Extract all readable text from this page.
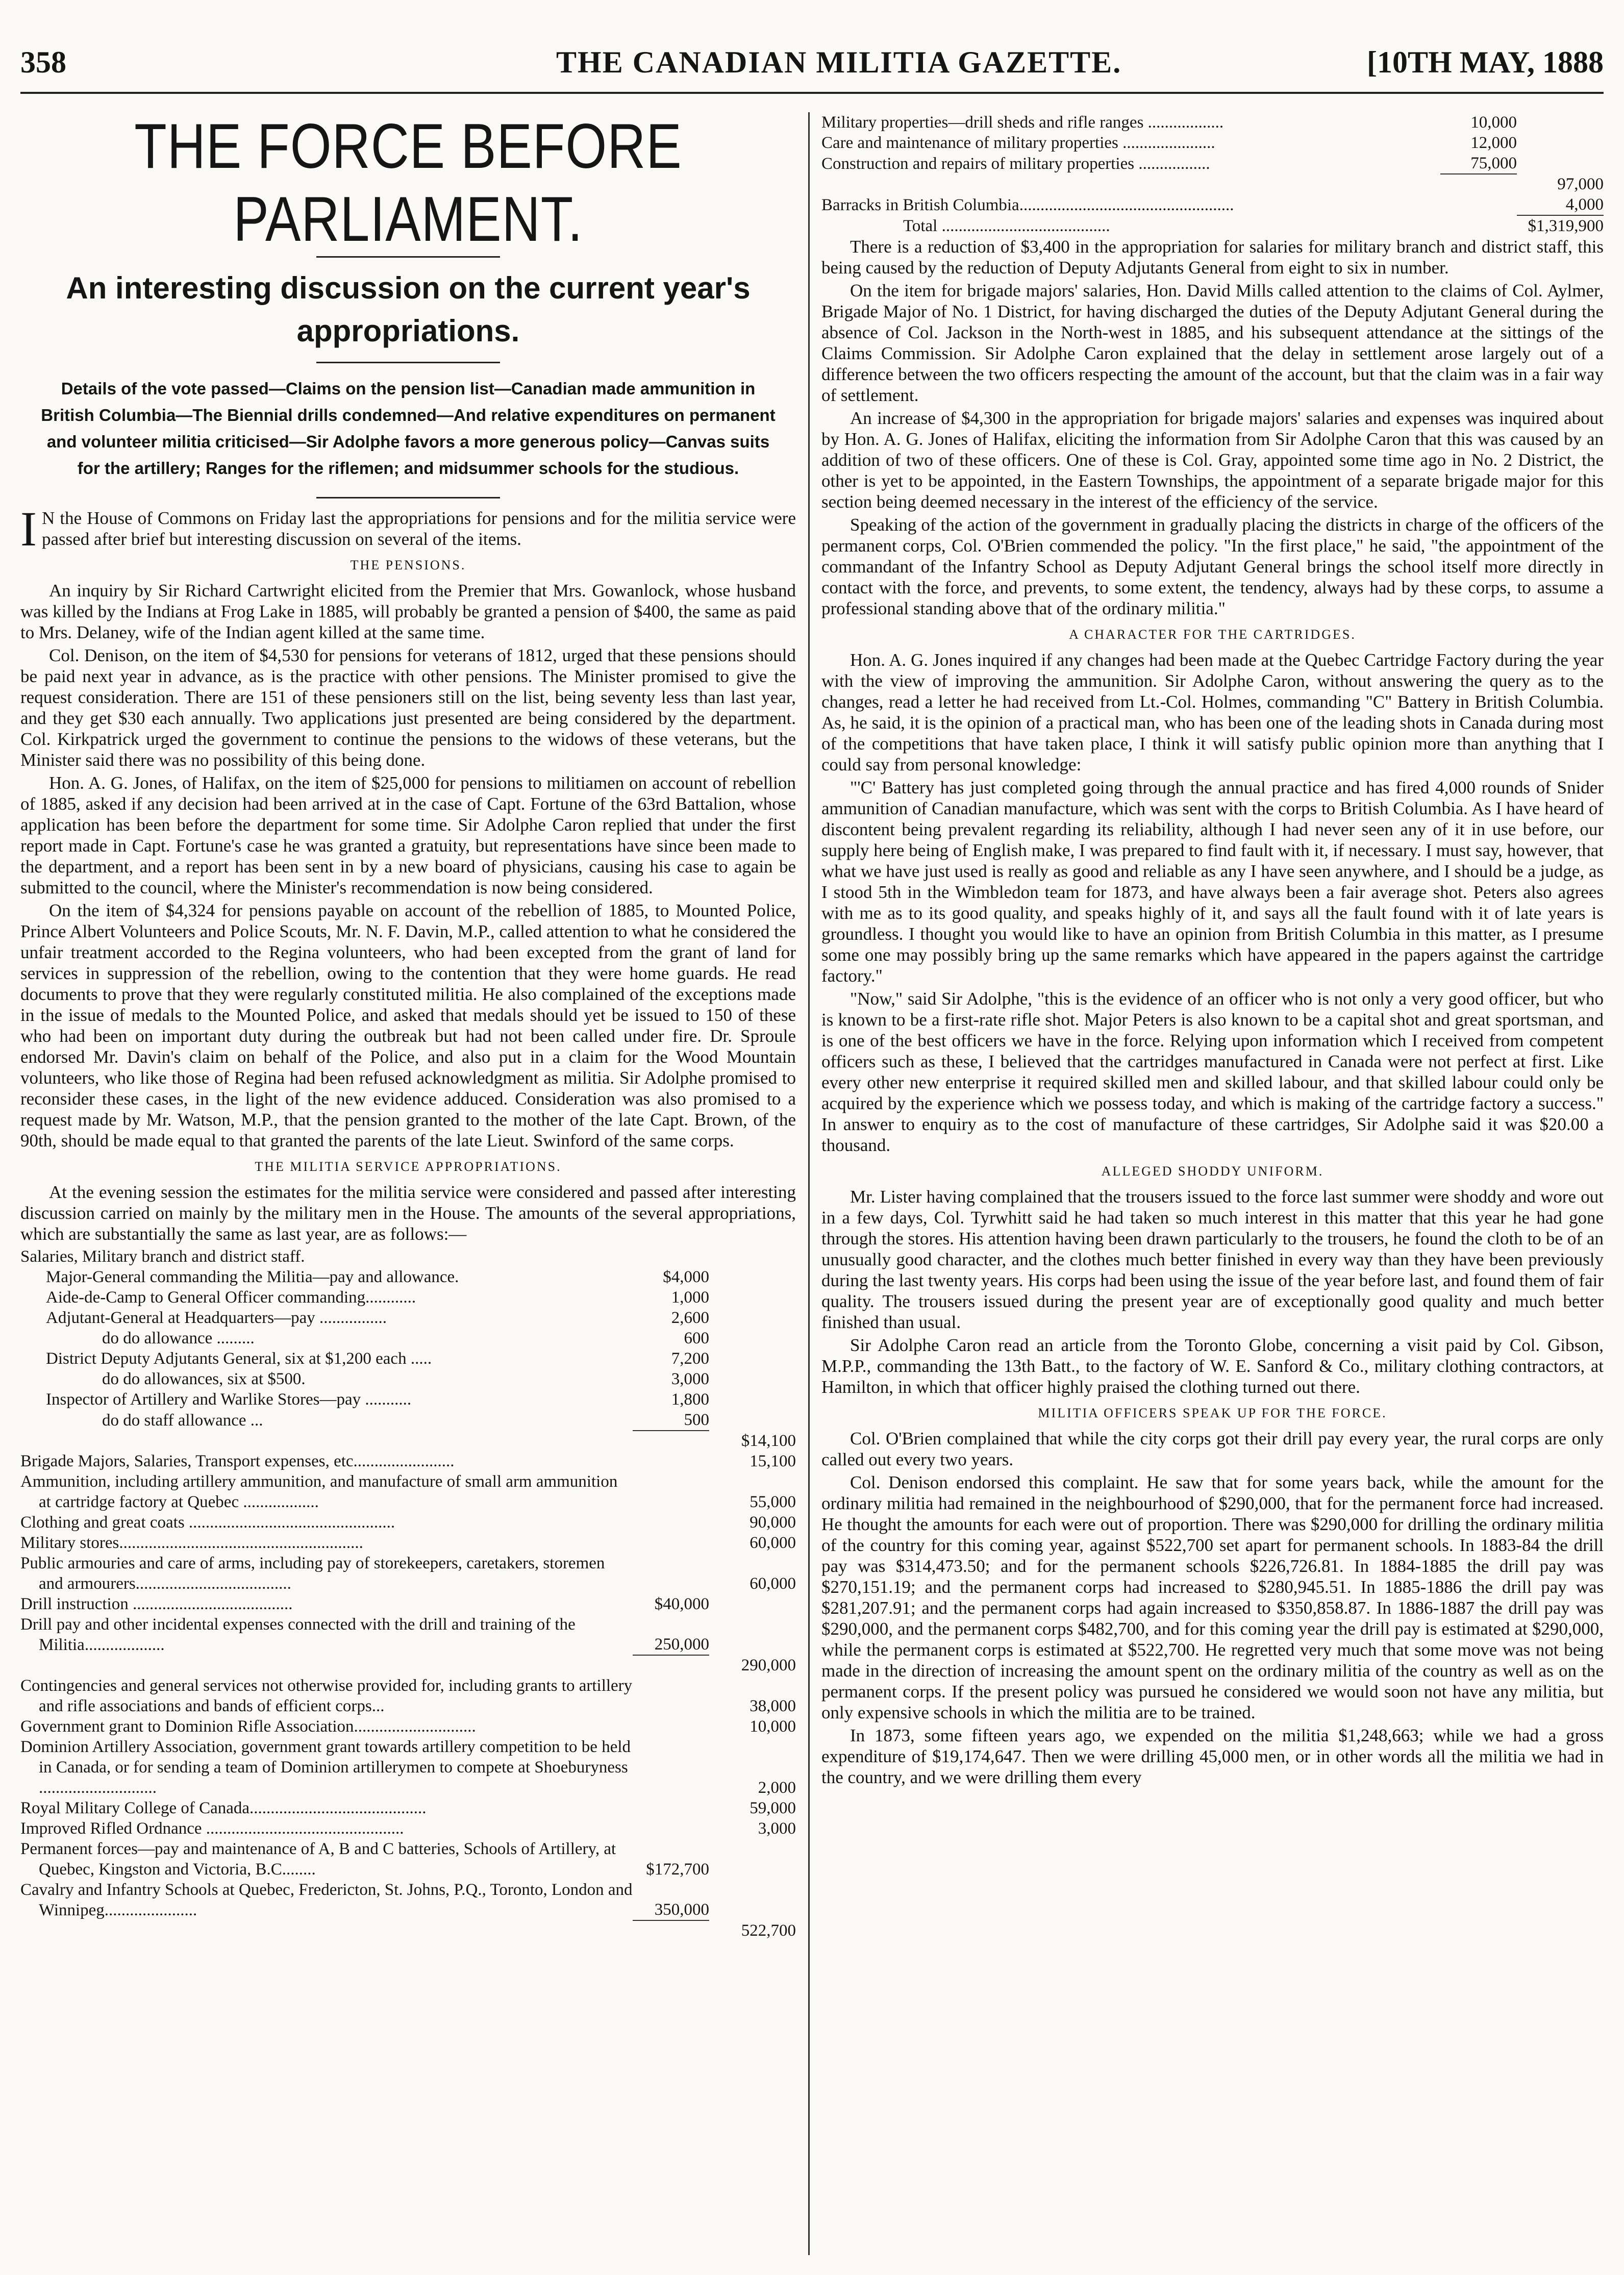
358	THE CANADIAN MILITIA GAZETTE.	[10TH MAY, 1888
THE FORCE BEFORE PARLIAMENT.
An interesting discussion on the current year's appropriations.
Details of the vote passed—Claims on the pension list—Canadian made ammunition in British Columbia—The Biennial drills condemned—And relative expenditures on permanent and volunteer militia criticised—Sir Adolphe favors a more generous policy—Canvas suits for the artillery; Ranges for the riflemen; and midsummer schools for the studious.

I N the House of Commons on Friday last the appropriations for pensions and for the militia service were passed after brief but interesting discussion on several of the items.

THE PENSIONS.

An inquiry by Sir Richard Cartwright elicited from the Premier that Mrs. Gowanlock, whose husband was killed by the Indians at Frog Lake in 1885, will probably be granted a pension of $400, the same as paid to Mrs. Delaney, wife of the Indian agent killed at the same time.

Col. Denison, on the item of $4,530 for pensions for veterans of 1812, urged that these pensions should be paid next year in advance, as is the practice with other pensions. The Minister promised to give the request consideration. There are 151 of these pensioners still on the list, being seventy less than last year, and they get $30 each annually. Two applications just presented are being considered by the department. Col. Kirkpatrick urged the government to continue the pensions to the widows of these veterans, but the Minister said there was no possibility of this being done.

Hon. A. G. Jones, of Halifax, on the item of $25,000 for pensions to militiamen on account of rebellion of 1885, asked if any decision had been arrived at in the case of Capt. Fortune of the 63rd Battalion, whose application has been before the department for some time. Sir Adolphe Caron replied that under the first report made in Capt. Fortune's case he was granted a gratuity, but representations have since been made to the department, and a report has been sent in by a new board of physicians, causing his case to again be submitted to the council, where the Minister's recommendation is now being considered.

On the item of $4,324 for pensions payable on account of the rebellion of 1885, to Mounted Police, Prince Albert Volunteers and Police Scouts, Mr. N. F. Davin, M.P., called attention to what he considered the unfair treatment accorded to the Regina volunteers, who had been excepted from the grant of land for services in suppression of the rebellion, owing to the contention that they were home guards. He read documents to prove that they were regularly constituted militia. He also complained of the exceptions made in the issue of medals to the Mounted Police, and asked that medals should yet be issued to 150 of these who had been on important duty during the outbreak but had not been called under fire. Dr. Sproule endorsed Mr. Davin's claim on behalf of the Police, and also put in a claim for the Wood Mountain volunteers, who like those of Regina had been refused acknowledgment as militia. Sir Adolphe promised to reconsider these cases, in the light of the new evidence adduced. Consideration was also promised to a request made by Mr. Watson, M.P., that the pension granted to the mother of the late Capt. Brown, of the 90th, should be made equal to that granted the parents of the late Lieut. Swinford of the same corps.

THE MILITIA SERVICE APPROPRIATIONS.

At the evening session the estimates for the militia service were considered and passed after interesting discussion carried on mainly by the military men in the House. The amounts of the several appropriations, which are substantially the same as last year, are as follows:—

Salaries, Military branch and district staff.		
Major-General commanding the Militia—pay and allowance.	$4,000	
Aide-de-Camp to General Officer commanding............	1,000	
Adjutant-General at Headquarters—pay ................	2,600	
do do allowance .........	600	
District Deputy Adjutants General, six at $1,200 each .....	7,200	
do do allowances, six at $500.	3,000	
Inspector of Artillery and Warlike Stores—pay ...........	1,800	
do do staff allowance ...	500	
		$14,100
Brigade Majors, Salaries, Transport expenses, etc........................		15,100
Ammunition, including artillery ammunition, and manufacture of small arm ammunition at cartridge factory at Quebec ..................		55,000
Clothing and great coats .................................................		90,000
Military stores..........................................................		60,000
Public armouries and care of arms, including pay of storekeepers, caretakers, storemen and armourers.....................................		60,000
Drill instruction ......................................	$40,000	
Drill pay and other incidental expenses connected with the drill and training of the Militia...................	250,000	
		290,000
Contingencies and general services not otherwise provided for, including grants to artillery and rifle associations and bands of efficient corps...		38,000
Government grant to Dominion Rifle Association.............................		10,000
Dominion Artillery Association, government grant towards artillery competition to be held in Canada, or for sending a team of Dominion artillerymen to compete at Shoeburyness ............................		2,000
Royal Military College of Canada..........................................		59,000
Improved Rifled Ordnance ...............................................		3,000
Permanent forces—pay and maintenance of A, B and C batteries, Schools of Artillery, at Quebec, Kingston and Victoria, B.C........	$172,700	
Cavalry and Infantry Schools at Quebec, Fredericton, St. Johns, P.Q., Toronto, London and Winnipeg......................	350,000	
		522,700
Military properties—drill sheds and rifle ranges ..................	10,000	
Care and maintenance of military properties ......................	12,000	
Construction and repairs of military properties .................	75,000	
		97,000
Barracks in British Columbia...................................................		4,000

Total ........................................		$1,319,900

There is a reduction of $3,400 in the appropriation for salaries for military branch and district staff, this being caused by the reduction of Deputy Adjutants General from eight to six in number.

On the item for brigade majors' salaries, Hon. David Mills called attention to the claims of Col. Aylmer, Brigade Major of No. 1 District, for having discharged the duties of the Deputy Adjutant General during the absence of Col. Jackson in the North-west in 1885, and his subsequent attendance at the sittings of the Claims Commission. Sir Adolphe Caron explained that the delay in settlement arose largely out of a difference between the two officers respecting the amount of the account, but that the claim was in a fair way of settlement.

An increase of $4,300 in the appropriation for brigade majors' salaries and expenses was inquired about by Hon. A. G. Jones of Halifax, eliciting the information from Sir Adolphe Caron that this was caused by an addition of two of these officers. One of these is Col. Gray, appointed some time ago in No. 2 District, the other is yet to be appointed, in the Eastern Townships, the appointment of a separate brigade major for this section being deemed necessary in the interest of the efficiency of the service.

Speaking of the action of the government in gradually placing the districts in charge of the officers of the permanent corps, Col. O'Brien commended the policy. "In the first place," he said, "the appointment of the commandant of the Infantry School as Deputy Adjutant General brings the school itself more directly in contact with the force, and prevents, to some extent, the tendency, always had by these corps, to assume a professional standing above that of the ordinary militia."

A CHARACTER FOR THE CARTRIDGES.

Hon. A. G. Jones inquired if any changes had been made at the Quebec Cartridge Factory during the year with the view of improving the ammunition. Sir Adolphe Caron, without answering the query as to the changes, read a letter he had received from Lt.-Col. Holmes, commanding "C" Battery in British Columbia. As, he said, it is the opinion of a practical man, who has been one of the leading shots in Canada during most of the competitions that have taken place, I think it will satisfy public opinion more than anything that I could say from personal knowledge:

"'C' Battery has just completed going through the annual practice and has fired 4,000 rounds of Snider ammunition of Canadian manufacture, which was sent with the corps to British Columbia. As I have heard of discontent being prevalent regarding its reliability, although I had never seen any of it in use before, our supply here being of English make, I was prepared to find fault with it, if necessary. I must say, however, that what we have just used is really as good and reliable as any I have seen anywhere, and I should be a judge, as I stood 5th in the Wimbledon team for 1873, and have always been a fair average shot. Peters also agrees with me as to its good quality, and speaks highly of it, and says all the fault found with it of late years is groundless. I thought you would like to have an opinion from British Columbia in this matter, as I presume some one may possibly bring up the same remarks which have appeared in the papers against the cartridge factory."

"Now," said Sir Adolphe, "this is the evidence of an officer who is not only a very good officer, but who is known to be a first-rate rifle shot. Major Peters is also known to be a capital shot and great sportsman, and is one of the best officers we have in the force. Relying upon information which I received from competent officers such as these, I believed that the cartridges manufactured in Canada were not perfect at first. Like every other new enterprise it required skilled men and skilled labour, and that skilled labour could only be acquired by the experience which we possess today, and which is making of the cartridge factory a success." In answer to enquiry as to the cost of manufacture of these cartridges, Sir Adolphe said it was $20.00 a thousand.

ALLEGED SHODDY UNIFORM.

Mr. Lister having complained that the trousers issued to the force last summer were shoddy and wore out in a few days, Col. Tyrwhitt said he had taken so much interest in this matter that this year he had gone through the stores. His attention having been drawn particularly to the trousers, he found the cloth to be of an unusually good character, and the clothes much better finished in every way than they have been previously during the last twenty years. His corps had been using the issue of the year before last, and found them of fair quality. The trousers issued during the present year are of exceptionally good quality and much better finished than usual.

Sir Adolphe Caron read an article from the Toronto Globe, concerning a visit paid by Col. Gibson, M.P.P., commanding the 13th Batt., to the factory of W. E. Sanford & Co., military clothing contractors, at Hamilton, in which that officer highly praised the clothing turned out there.

MILITIA OFFICERS SPEAK UP FOR THE FORCE.

Col. O'Brien complained that while the city corps got their drill pay every year, the rural corps are only called out every two years.

Col. Denison endorsed this complaint. He saw that for some years back, while the amount for the ordinary militia had remained in the neighbourhood of $290,000, that for the permanent force had increased. He thought the amounts for each were out of proportion. There was $290,000 for drilling the ordinary militia of the country for this coming year, against $522,700 set apart for permanent schools. In 1883-84 the drill pay was $314,473.50; and for the permanent schools $226,726.81. In 1884-1885 the drill pay was $270,151.19; and the permanent corps had increased to $280,945.51. In 1885-1886 the drill pay was $281,207.91; and the permanent corps had again increased to $350,858.87. In 1886-1887 the drill pay was $290,000, and the permanent corps $482,700, and for this coming year the drill pay is estimated at $290,000, while the permanent corps is estimated at $522,700. He regretted very much that some move was not being made in the direction of increasing the amount spent on the ordinary militia of the country as well as on the permanent corps. If the present policy was pursued he considered we would soon not have any militia, but only expensive schools in which the militia are to be trained.

In 1873, some fifteen years ago, we expended on the militia $1,248,663; while we had a gross expenditure of $19,174,647. Then we were drilling 45,000 men, or in other words all the militia we had in the country, and we were drilling them every
